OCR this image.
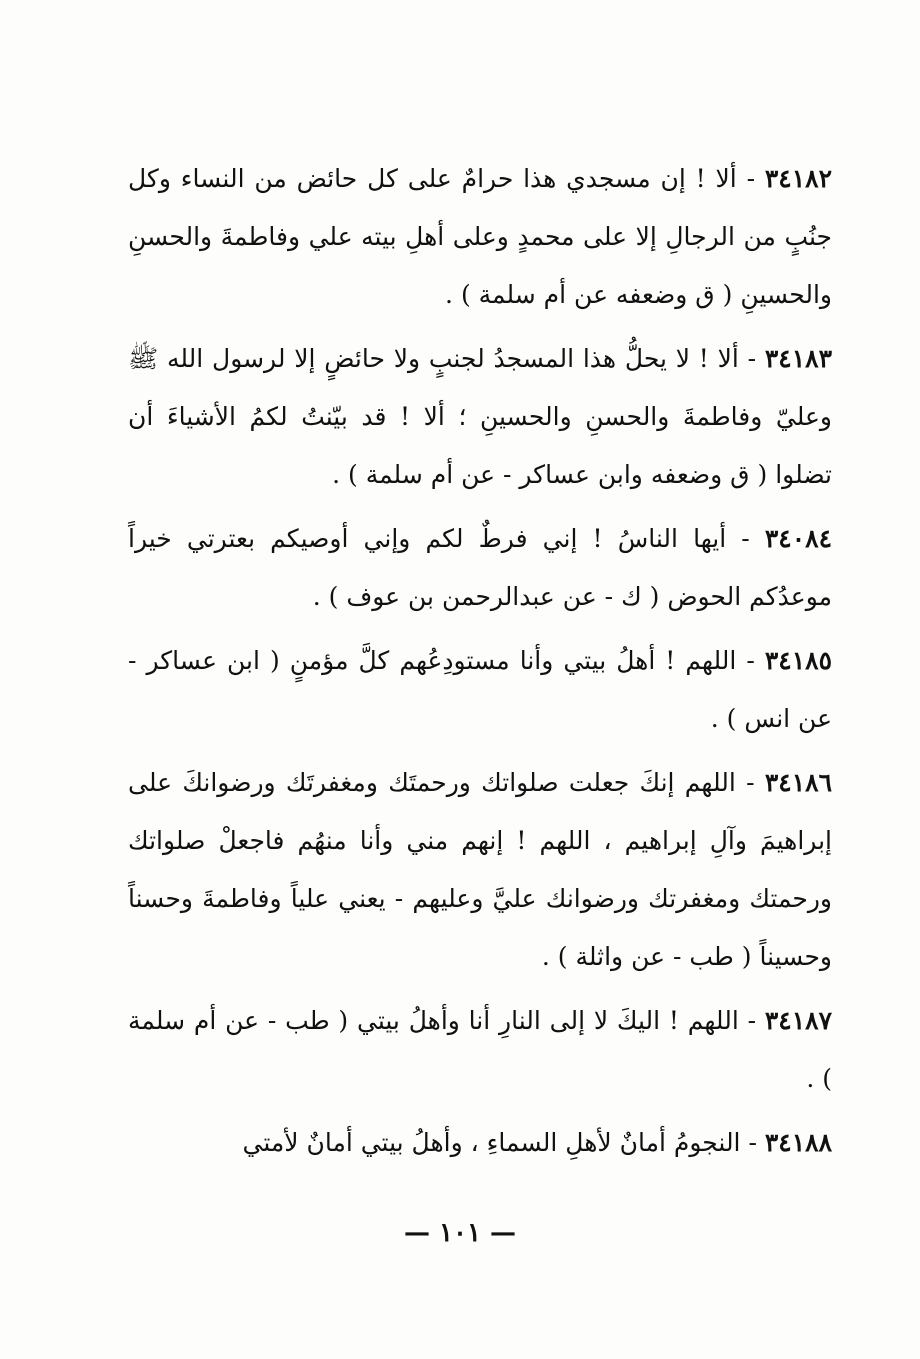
٣٤١٨٢ - ألا ! إن مسجدي هذا حرامٌ على كل حائض من النساء وكل جنُبٍ من الرجالِ إلا على محمدٍ وعلى أهلِ بيته علي وفاطمةَ والحسنِ والحسينِ ( ق وضعفه عن أم سلمة ) .

٣٤١٨٣ - ألا ! لا يحلُّ هذا المسجدُ لجنبٍ ولا حائضٍ إلا لرسول الله ﷺ وعليّ وفاطمةَ والحسنِ والحسينِ ؛ ألا ! قد بيّنتُ لكمُ الأشياءَ أن تضلوا ( ق وضعفه وابن عساكر - عن أم سلمة ) .

٣٤٠٨٤ - أيها الناسُ ! إني فرطٌ لكم وإني أوصيكم بعترتي خيراً موعدُكم الحوض ( ك - عن عبدالرحمن بن عوف ) .

٣٤١٨٥ - اللهم ! أهلُ بيتي وأنا مستودِعُهم كلَّ مؤمنٍ ( ابن عساكر - عن انس ) .

٣٤١٨٦ - اللهم إنكَ جعلت صلواتك ورحمتَك ومغفرتَك ورضوانكَ على إبراهيمَ وآلِ إبراهيم ، اللهم ! إنهم مني وأنا منهُم فاجعلْ صلواتك ورحمتك ومغفرتك ورضوانك عليَّ وعليهم - يعني علياً وفاطمةَ وحسناً وحسيناً ( طب - عن واثلة ) .

٣٤١٨٧ - اللهم ! اليكَ لا إلى النارِ أنا وأهلُ بيتي ( طب - عن أم سلمة ) .

٣٤١٨٨ - النجومُ أمانٌ لأهلِ السماءِ ، وأهلُ بيتي أمانٌ لأمتي

— ١٠١ —
